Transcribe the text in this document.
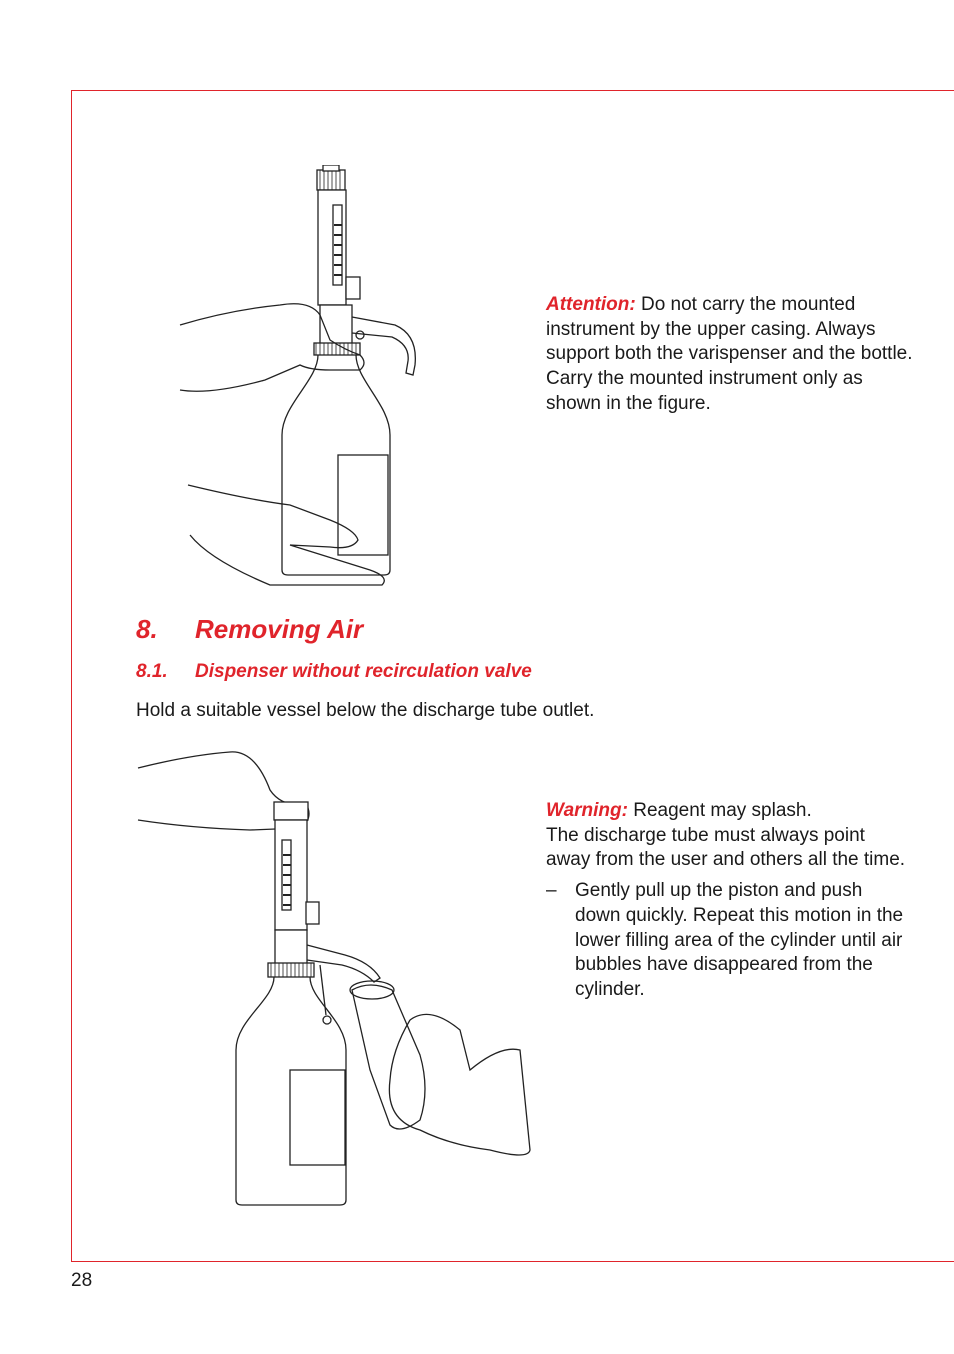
Attention: Do not carry the mounted instrument by the upper casing. Always support both the varispenser and the bottle. Carry the mounted instrument only as shown in the figure.
8. Removing Air
8.1. Dispenser without recirculation valve
Hold a suitable vessel below the discharge tube outlet.
Warning: Reagent may splash.
The discharge tube must always point away from the user and others all the time.
– Gently pull up the piston and push down quickly. Repeat this motion in the lower filling area of the cylinder until air bubbles have disappeared from the cylinder.
28
